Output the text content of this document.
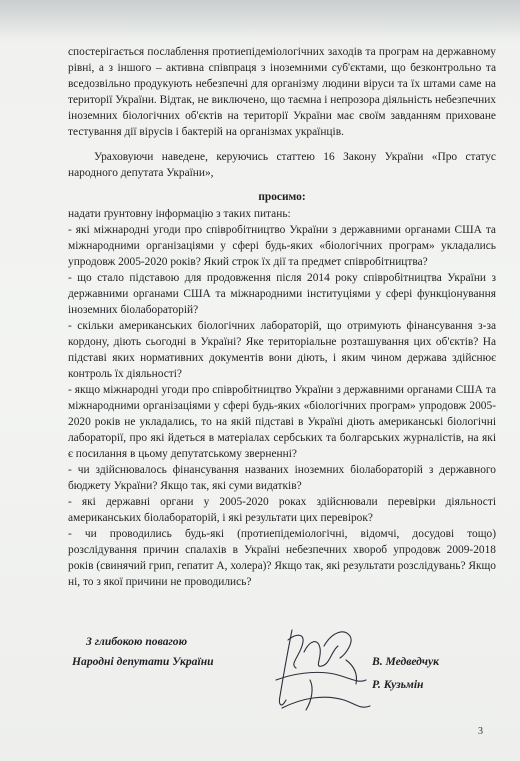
спостерігається послаблення протиепідеміологічних заходів та програм на державному рівні, а з іншого – активна співпраця з іноземними суб'єктами, що безконтрольно та вседозвільно продукують небезпечні для організму людини віруси та їх штами саме на території України. Відтак, не виключено, що таємна і непрозора діяльність небезпечних іноземних біологічних об'єктів на території України має своїм завданням приховане тестування дії вірусів і бактерій на організмах українців.

Ураховуючи наведене, керуючись статтею 16 Закону України «Про статус народного депутата України»,

просимо:

надати ґрунтовну інформацію з таких питань:

- які міжнародні угоди про співробітництво України з державними органами США та міжнародними організаціями у сфері будь-яких «біологічних програм» укладались упродовж 2005-2020 років? Який строк їх дії та предмет співробітництва?

- що стало підставою для продовження після 2014 року співробітництва України з державними органами США та міжнародними інституціями у сфері функціонування іноземних біолабораторій?

- скільки американських біологічних лабораторій, що отримують фінансування з-за кордону, діють сьогодні в Україні? Яке територіальне розташування цих об'єктів? На підставі яких нормативних документів вони діють, і яким чином держава здійснює контроль їх діяльності?

- якщо міжнародні угоди про співробітництво України з державними органами США та міжнародними організаціями у сфері будь-яких «біологічних програм» упродовж 2005-2020 років не укладались, то на якій підставі в Україні діють американські біологічні лабораторії, про які йдеться в матеріалах сербських та болгарських журналістів, на які є посилання в цьому депутатському зверненні?

- чи здійснювалось фінансування названих іноземних біолабораторій з державного бюджету України? Якщо так, які суми видатків?

- які державні органи у 2005-2020 роках здійснювали перевірки діяльності американських біолабораторій, і які результати цих перевірок?

- чи проводились будь-які (протиепідеміологічні, відомчі, досудові тощо) розслідування причин спалахів в Україні небезпечних хвороб упродовж 2009-2018 років (свинячий грип, гепатит А, холера)? Якщо так, які результати розслідувань? Якщо ні, то з якої причини не проводились?

З глибокою повагою
Народні депутати України	В. Медведчук
Р. Кузьмін
3
